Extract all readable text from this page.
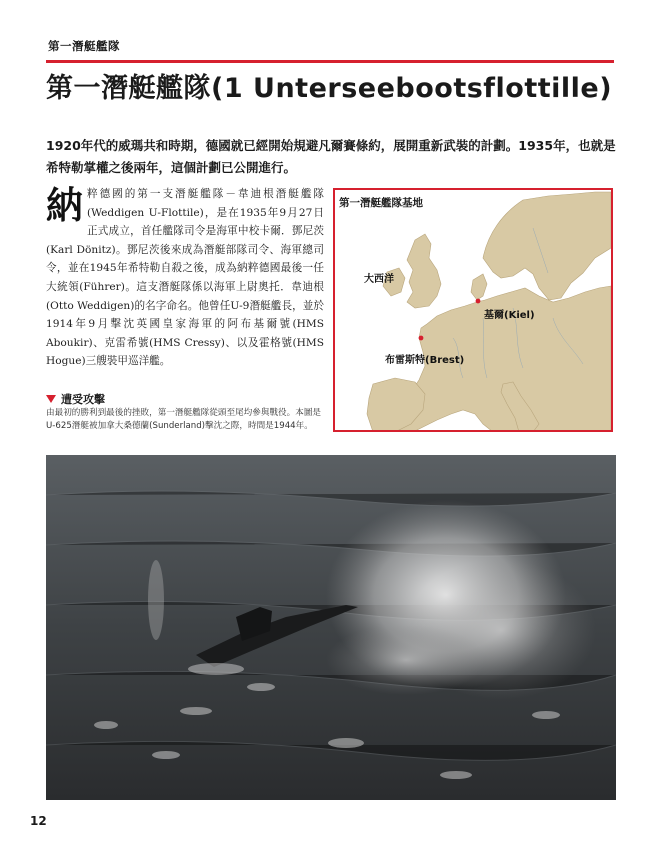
第一潛艇艦隊
第一潛艇艦隊(1 Unterseebootsflottille)
1920年代的威瑪共和時期，德國就已經開始規避凡爾賽條約，展開重新武裝的計劃。1935年，也就是希特勒掌權之後兩年，這個計劃已公開進行。
納粹德國的第一支潛艇艦隊－韋迪根潛艇艦隊(Weddigen U-Flottile)，是在1935年9月27日正式成立，首任艦隊司令是海軍中校卡爾．鄧尼茨(Karl Dönitz)。鄧尼茨後來成為潛艇部隊司令、海軍總司令，並在1945年希特勒自殺之後，成為納粹德國最後一任大統領(Führer)。這支潛艇隊係以海軍上尉奧托．韋迪根(Otto Weddigen)的名字命名。他曾任U-9潛艇艦長，並於1914年9月擊沈英國皇家海軍的阿布基爾號(HMS Aboukir)、克雷希號(HMS Cressy)、以及霍格號(HMS Hogue)三艘裝甲巡洋艦。
遭受攻擊
由最初的勝利到最後的挫敗，第一潛艇艦隊從頭至尾均參與戰役。本圖是U-625潛艇被加拿大桑德蘭(Sunderland)擊沈之際，時間是1944年。
第一潛艇艦隊基地
大西洋
基爾(Kiel)
布雷斯特(Brest)
12
